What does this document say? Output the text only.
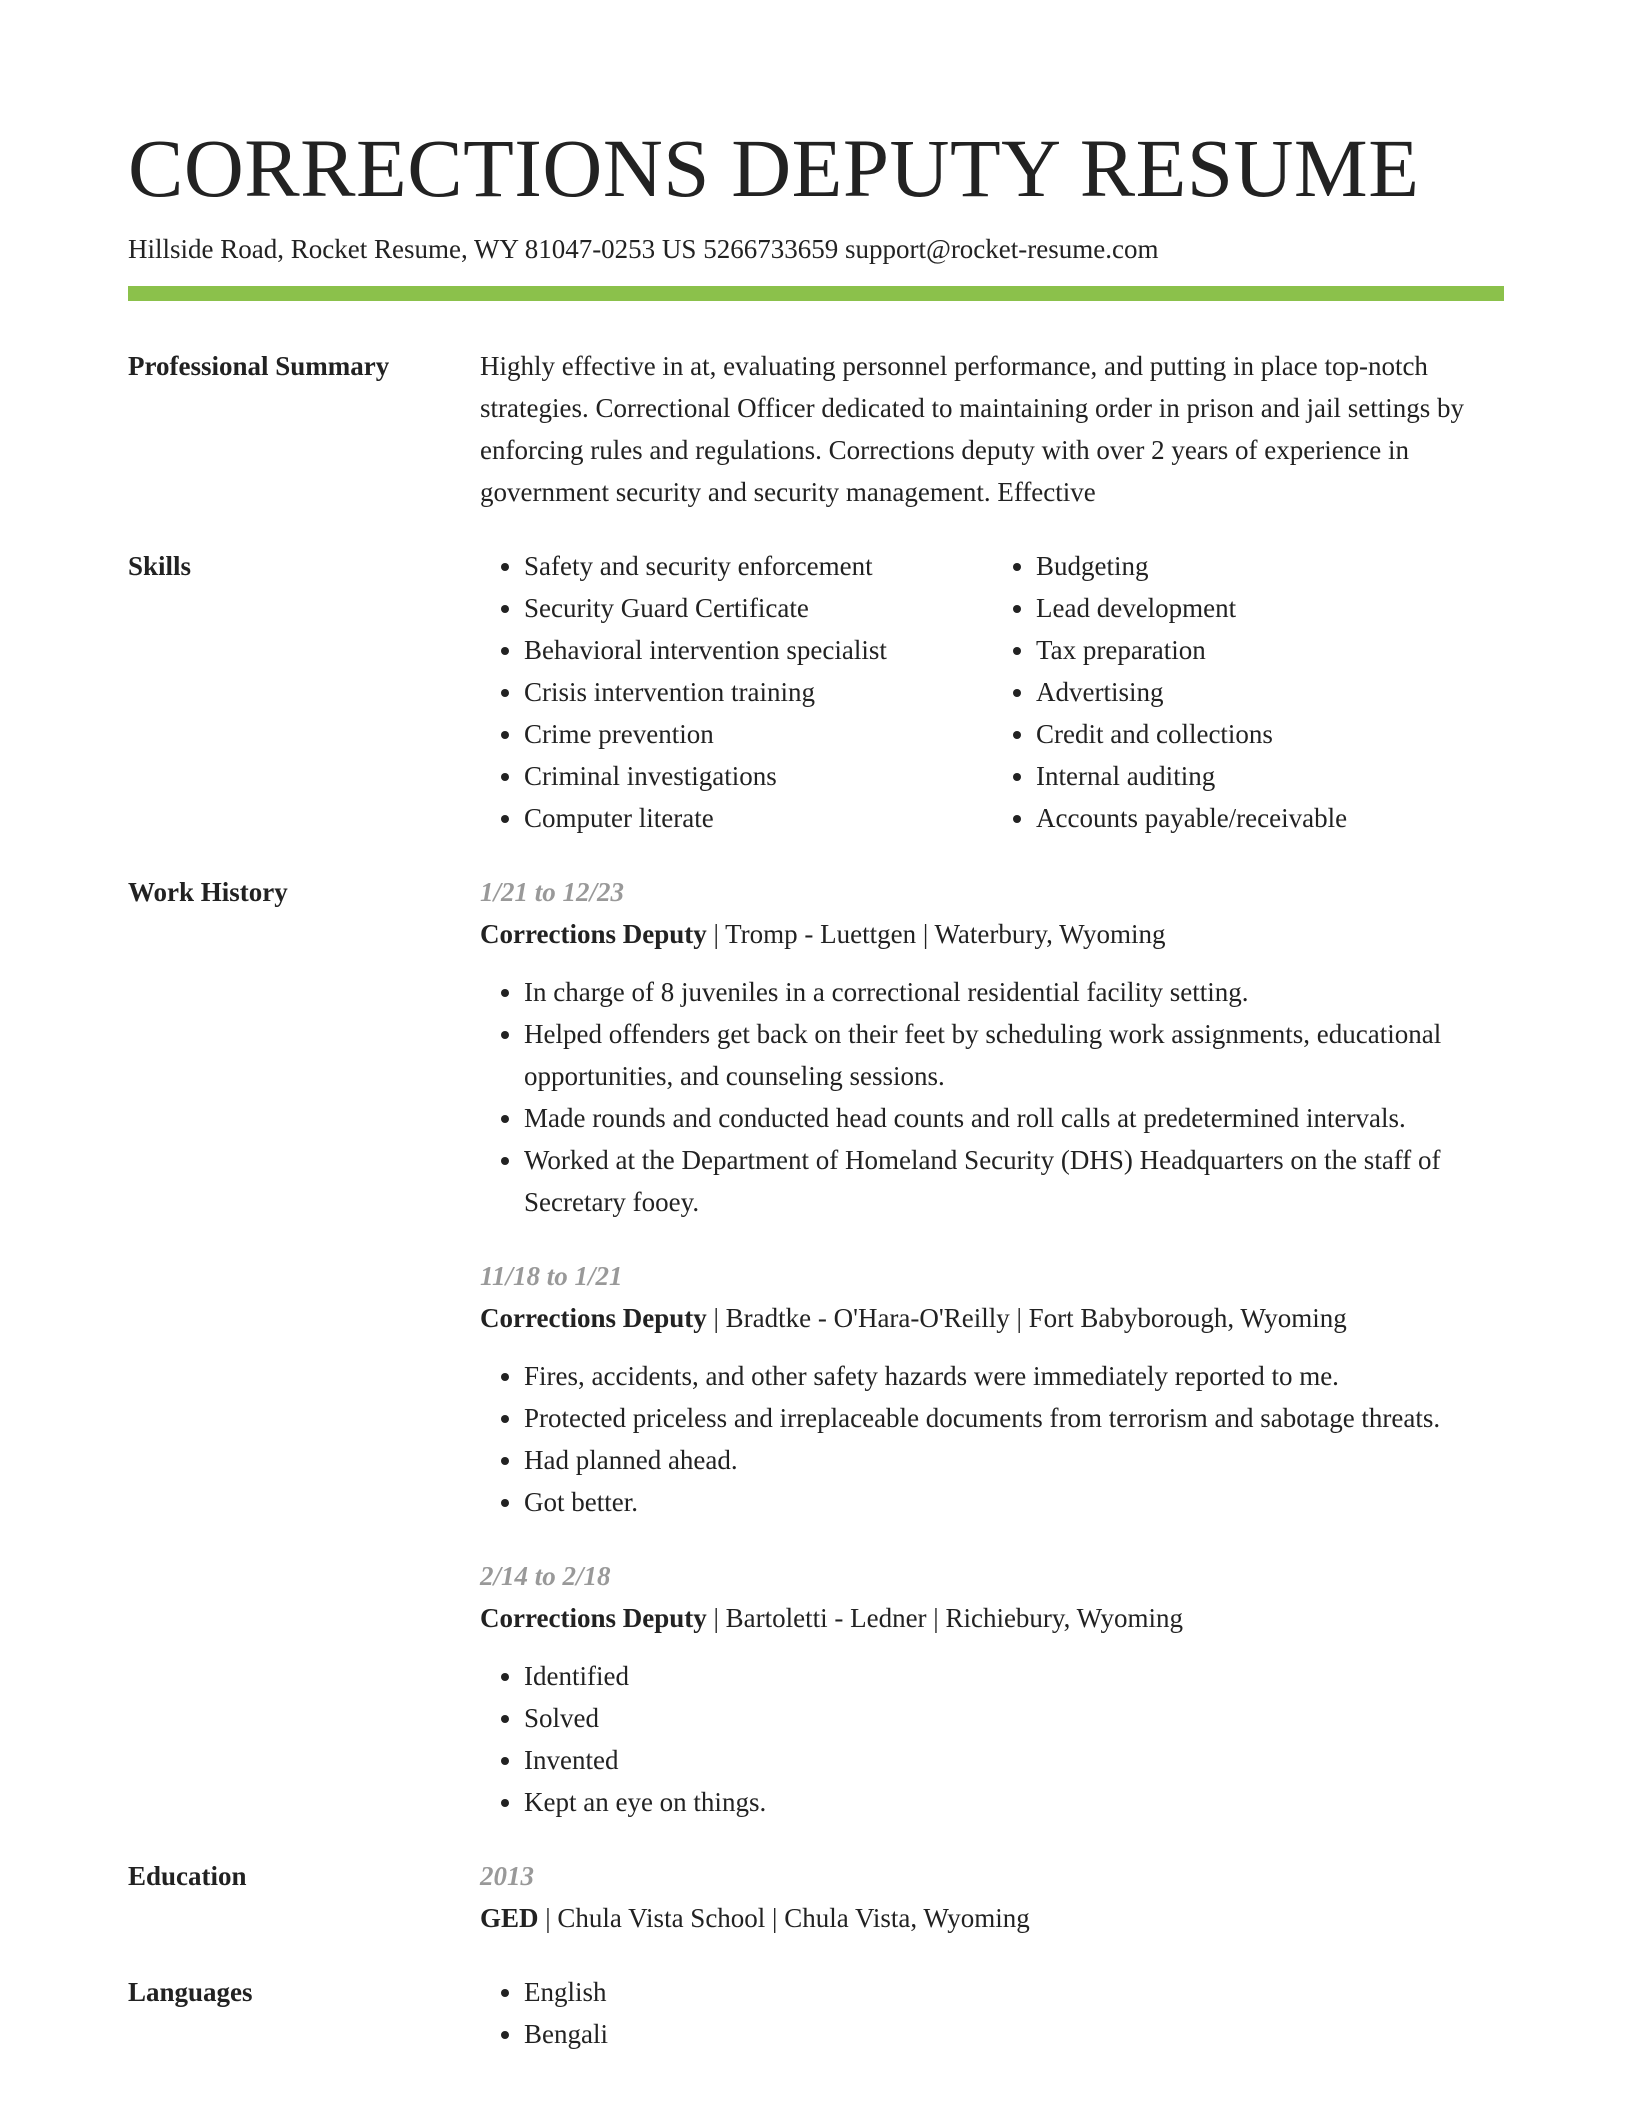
CORRECTIONS DEPUTY RESUME
Hillside Road, Rocket Resume, WY 81047-0253 US 5266733659 support@rocket-resume.com
Professional Summary	Highly effective in at, evaluating personnel performance, and putting in place top-notch strategies. Correctional Officer dedicated to maintaining order in prison and jail settings by enforcing rules and regulations. Corrections deputy with over 2 years of experience in government security and security management. Effective

Skills	• Safety and security enforcement
• Security Guard Certificate
• Behavioral intervention specialist
• Crisis intervention training
• Crime prevention
• Criminal investigations
• Computer literate
• Budgeting
• Lead development
• Tax preparation
• Advertising
• Credit and collections
• Internal auditing
• Accounts payable/receivable
Work History	1/21 to 12/23
Corrections Deputy | Tromp - Luettgen | Waterbury, Wyoming
• In charge of 8 juveniles in a correctional residential facility setting.
• Helped offenders get back on their feet by scheduling work assignments, educational opportunities, and counseling sessions.
• Made rounds and conducted head counts and roll calls at predetermined intervals.
• Worked at the Department of Homeland Security (DHS) Headquarters on the staff of Secretary fooey.
11/18 to 1/21
Corrections Deputy | Bradtke - O'Hara-O'Reilly | Fort Babyborough, Wyoming
• Fires, accidents, and other safety hazards were immediately reported to me.
• Protected priceless and irreplaceable documents from terrorism and sabotage threats.
• Had planned ahead.
• Got better.
2/14 to 2/18
Corrections Deputy | Bartoletti - Ledner | Richiebury, Wyoming
• Identified
• Solved
• Invented
• Kept an eye on things.
Education	2013
GED | Chula Vista School | Chula Vista, Wyoming
Languages	• English
• Bengali
